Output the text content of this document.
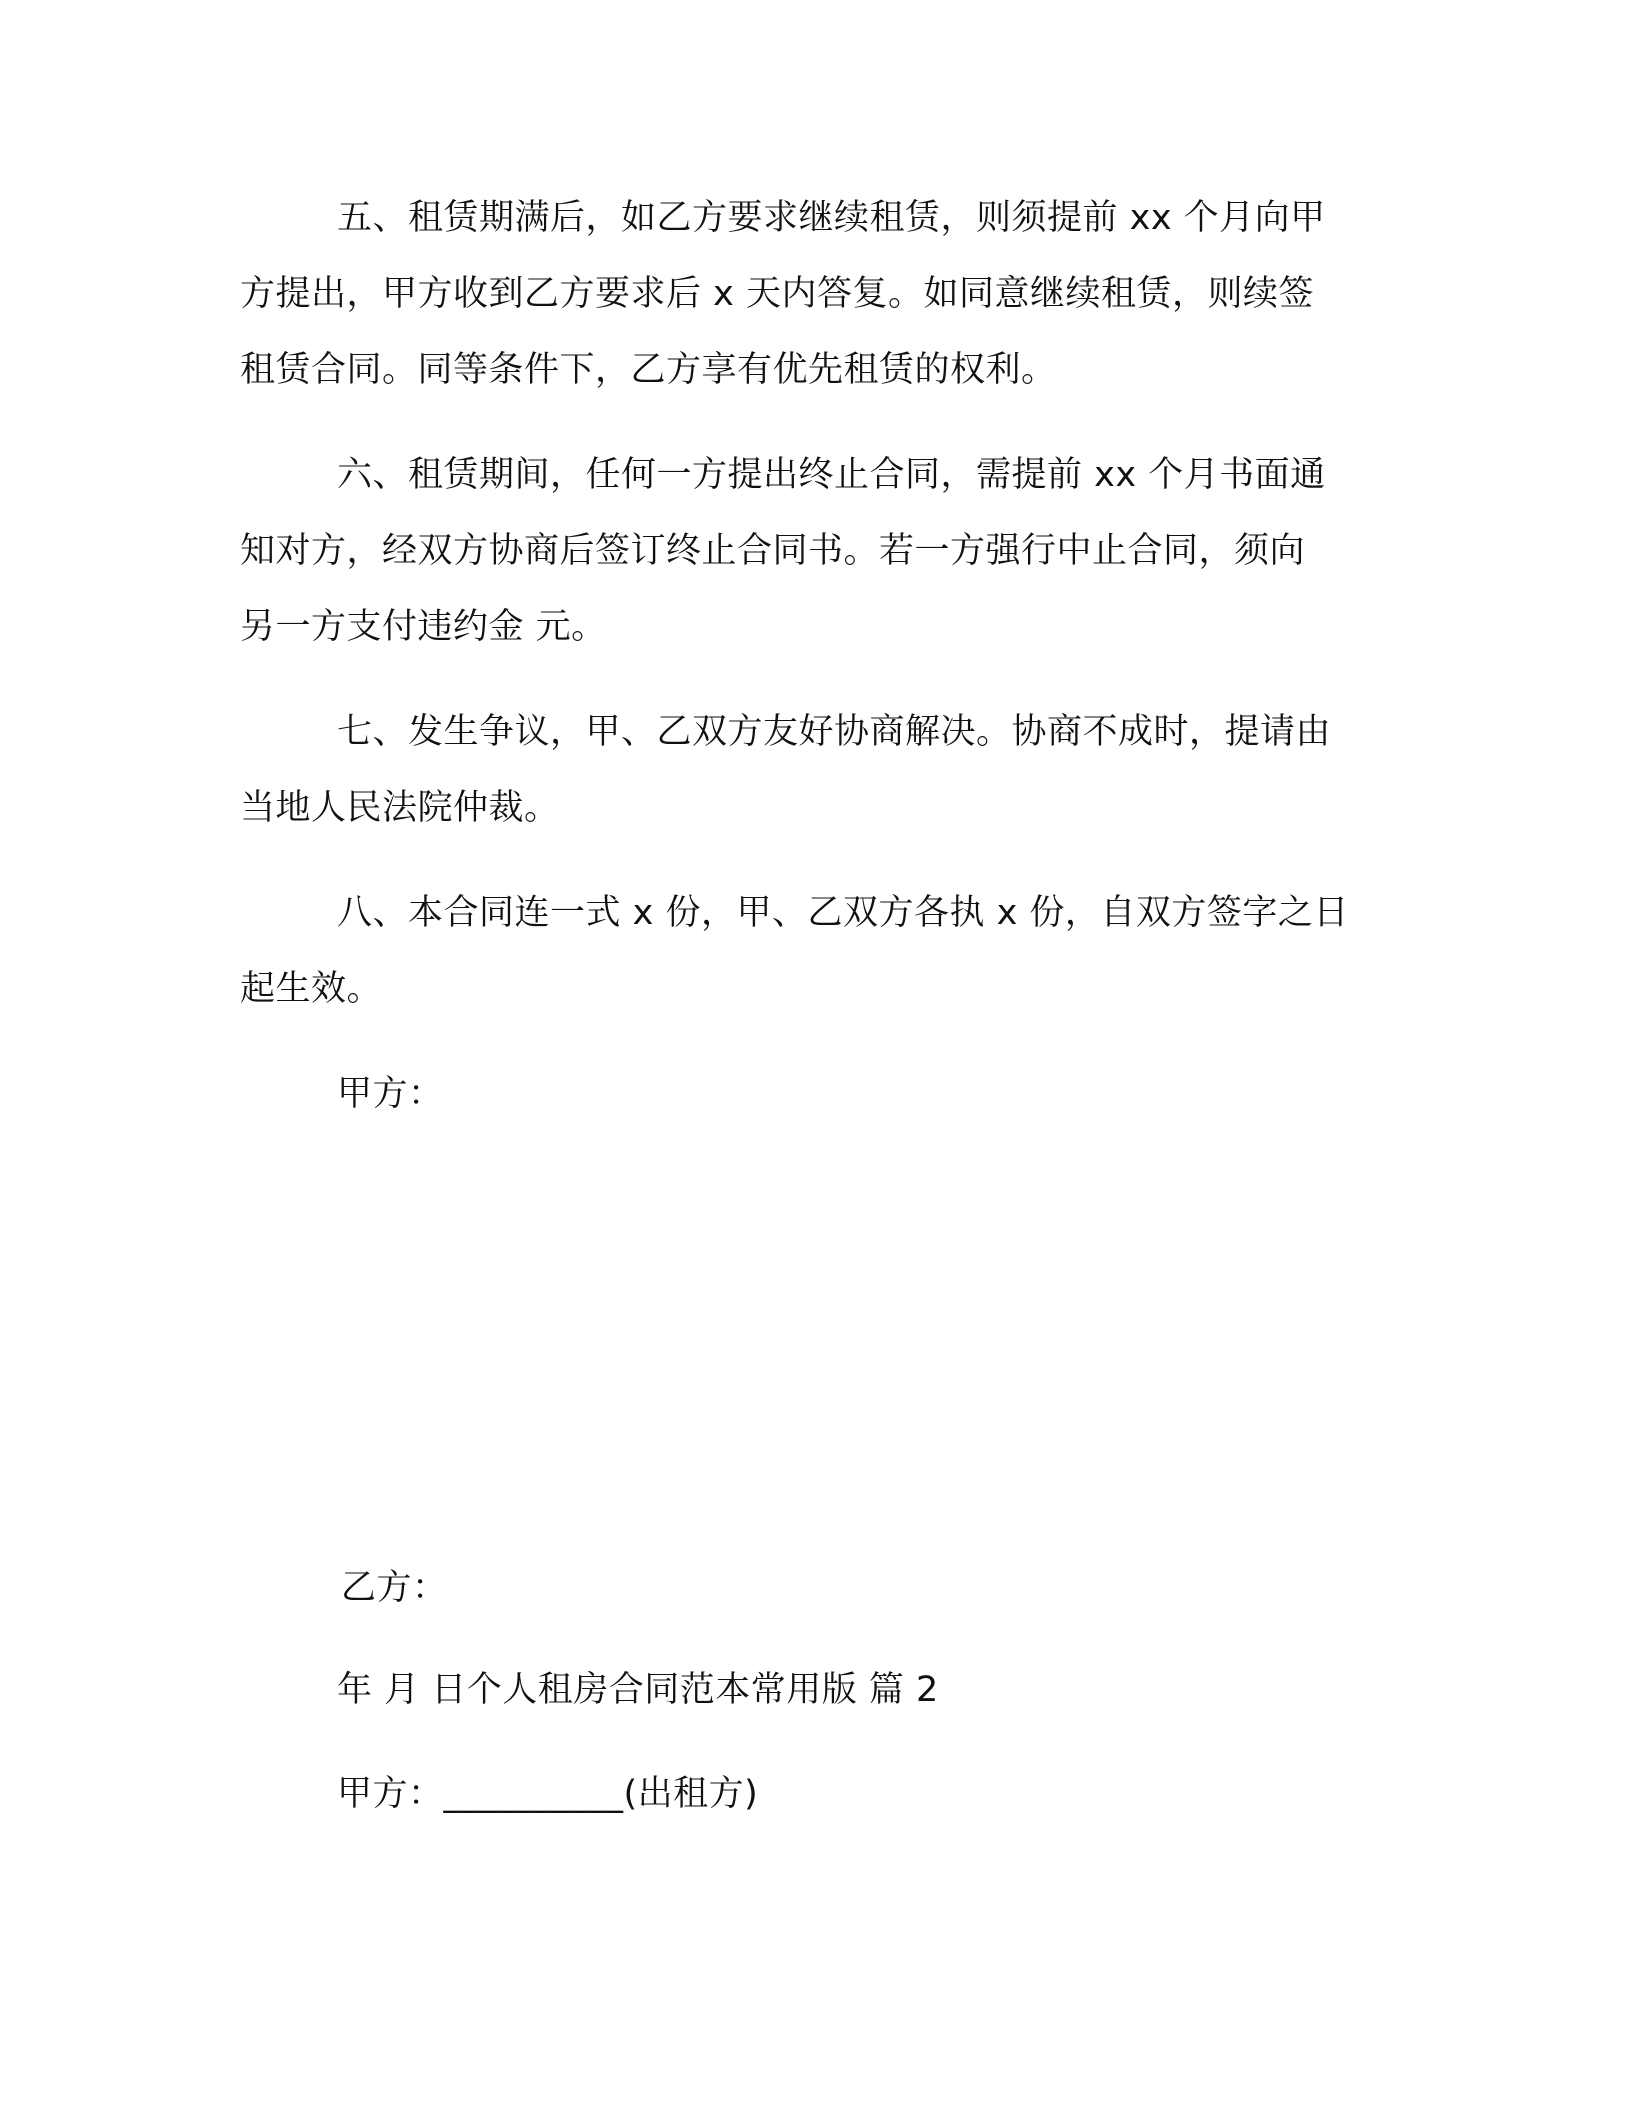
五、租赁期满后，如乙方要求继续租赁，则须提前 xx 个月向甲
方提出，甲方收到乙方要求后 x 天内答复。如同意继续租赁，则续签
租赁合同。同等条件下，乙方享有优先租赁的权利。
六、租赁期间，任何一方提出终止合同，需提前 xx 个月书面通
知对方，经双方协商后签订终止合同书。若一方强行中止合同，须向
另一方支付违约金 元。
七、发生争议，甲、乙双方友好协商解决。协商不成时，提请由
当地人民法院仲裁。
八、本合同连一式 x 份，甲、乙双方各执 x 份，自双方签字之日
起生效。
甲方：
乙方：
年 月 日个人租房合同范本常用版 篇 2
甲方：__________(出租方)
